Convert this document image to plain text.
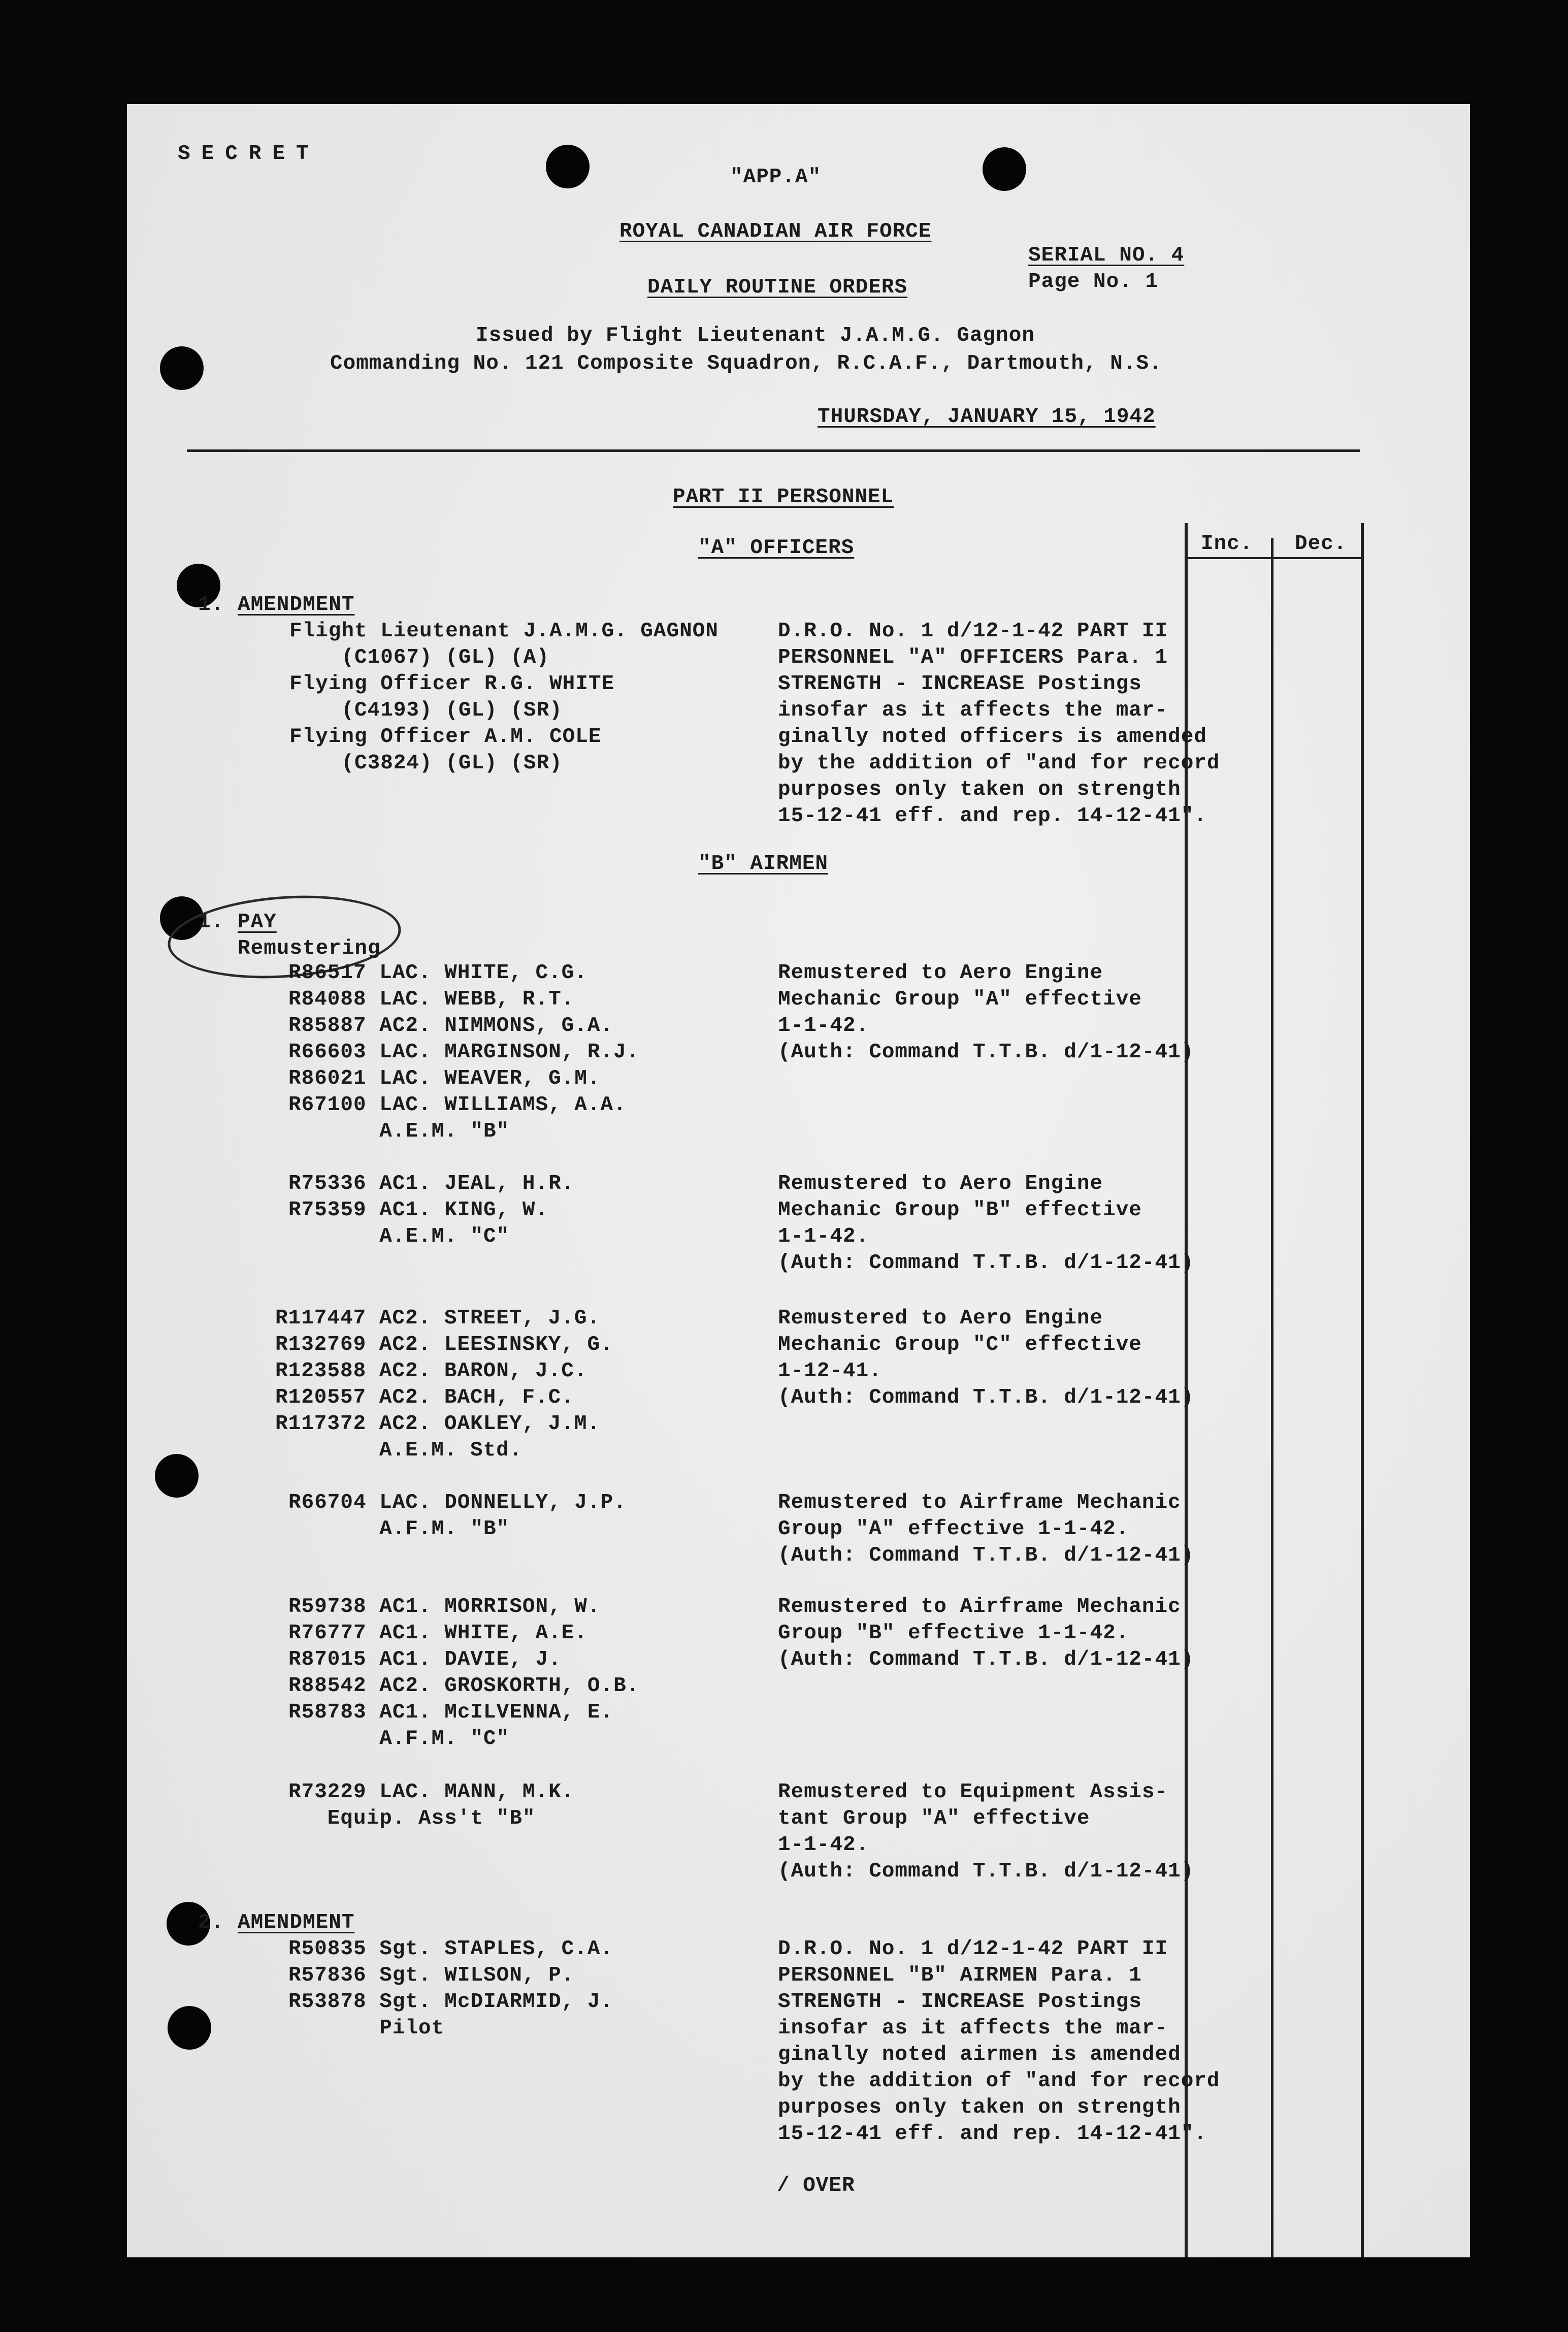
SECRET
"APP.A"
ROYAL CANADIAN AIR FORCE
SERIAL NO. 4
Page No. 1
DAILY ROUTINE ORDERS
Issued by Flight Lieutenant J.A.M.G. Gagnon
Commanding No. 121 Composite Squadron, R.C.A.F., Dartmouth, N.S.
THURSDAY, JANUARY 15, 1942
PART II PERSONNEL
Inc. Dec.
"A" OFFICERS
1. AMENDMENT
Flight Lieutenant J.A.M.G. GAGNON
(C1067) (GL) (A)
Flying Officer R.G. WHITE
(C4193) (GL) (SR)
Flying Officer A.M. COLE
(C3824) (GL) (SR)
D.R.O. No. 1 d/12-1-42 PART II
PERSONNEL "A" OFFICERS Para. 1
STRENGTH - INCREASE Postings
insofar as it affects the mar-
ginally noted officers is amended
by the addition of "and for record
purposes only taken on strength
15-12-41 eff. and rep. 14-12-41".
"B" AIRMEN
1. PAY
Remustering
R86517 LAC. WHITE, C.G.
R84088 LAC. WEBB, R.T.
R85887 AC2. NIMMONS, G.A.
R66603 LAC. MARGINSON, R.J.
R86021 LAC. WEAVER, G.M.
R67100 LAC. WILLIAMS, A.A.
A.E.M. "B"
Remustered to Aero Engine
Mechanic Group "A" effective
1-1-42.
(Auth: Command T.T.B. d/1-12-41)
R75336 AC1. JEAL, H.R.
R75359 AC1. KING, W.
A.E.M. "C"
Remustered to Aero Engine
Mechanic Group "B" effective
1-1-42.
(Auth: Command T.T.B. d/1-12-41)
R117447 AC2. STREET, J.G.
R132769 AC2. LEESINSKY, G.
R123588 AC2. BARON, J.C.
R120557 AC2. BACH, F.C.
R117372 AC2. OAKLEY, J.M.
A.E.M. Std.
Remustered to Aero Engine
Mechanic Group "C" effective
1-12-41.
(Auth: Command T.T.B. d/1-12-41)
R66704 LAC. DONNELLY, J.P.
A.F.M. "B"
Remustered to Airframe Mechanic
Group "A" effective 1-1-42.
(Auth: Command T.T.B. d/1-12-41)
R59738 AC1. MORRISON, W.
R76777 AC1. WHITE, A.E.
R87015 AC1. DAVIE, J.
R88542 AC2. GROSKORTH, O.B.
R58783 AC1. McILVENNA, E.
A.F.M. "C"
Remustered to Airframe Mechanic
Group "B" effective 1-1-42.
(Auth: Command T.T.B. d/1-12-41)
R73229 LAC. MANN, M.K.
Equip. Ass't "B"
Remustered to Equipment Assis-
tant Group "A" effective
1-1-42.
(Auth: Command T.T.B. d/1-12-41)
2. AMENDMENT
R50835 Sgt. STAPLES, C.A.
R57836 Sgt. WILSON, P.
R53878 Sgt. McDIARMID, J.
Pilot
D.R.O. No. 1 d/12-1-42 PART II
PERSONNEL "B" AIRMEN Para. 1
STRENGTH - INCREASE Postings
insofar as it affects the mar-
ginally noted airmen is amended
by the addition of "and for record
purposes only taken on strength
15-12-41 eff. and rep. 14-12-41".
/ OVER
